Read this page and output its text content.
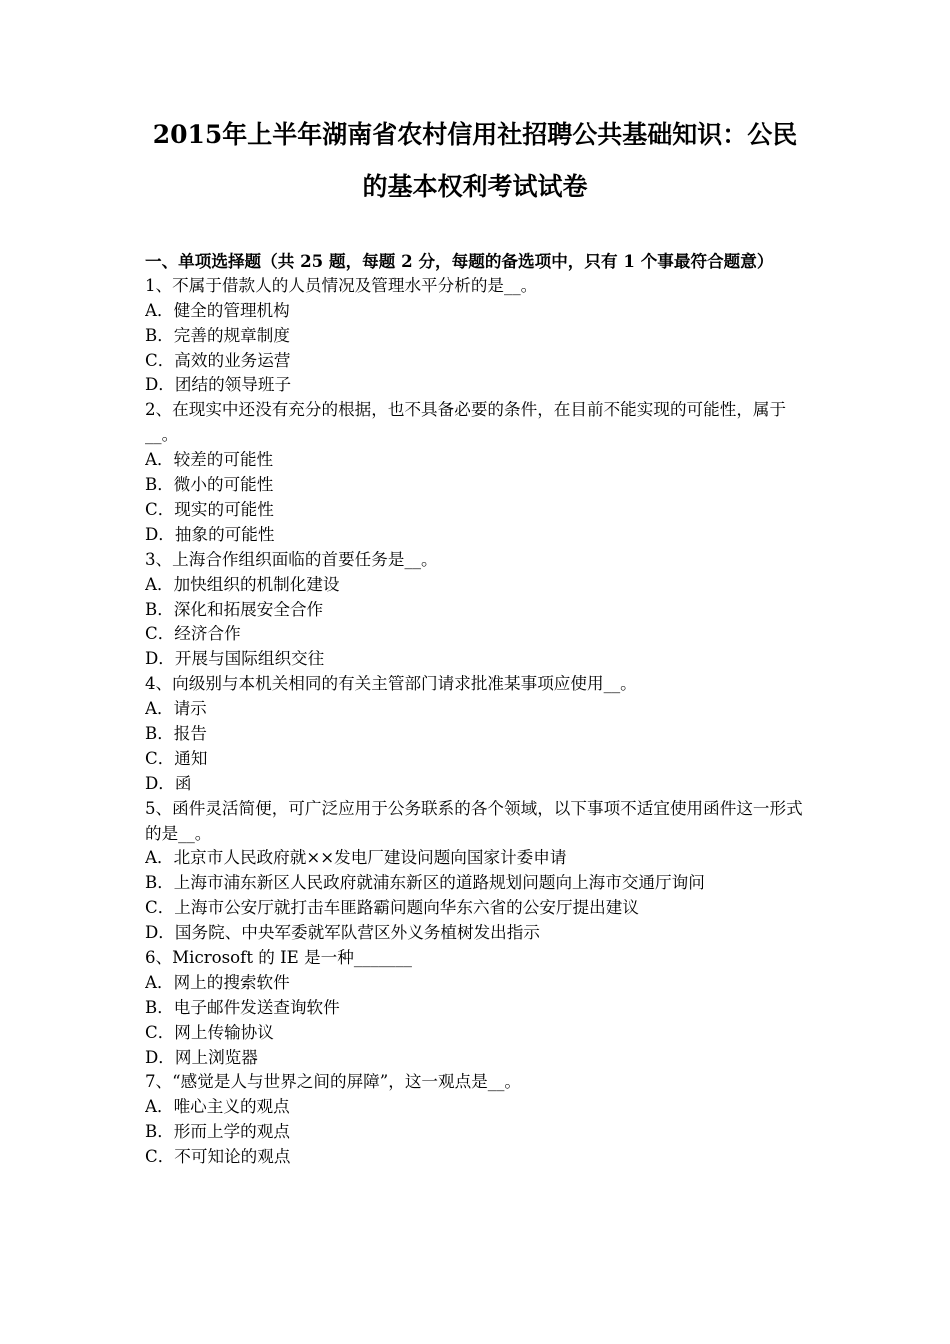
2015年上半年湖南省农村信用社招聘公共基础知识：公民
的基本权利考试试卷
一、单项选择题（共 25 题，每题 2 分，每题的备选项中，只有 1 个事最符合题意）
1、不属于借款人的人员情况及管理水平分析的是__。
A．健全的管理机构
B．完善的规章制度
C．高效的业务运营
D．团结的领导班子
2、在现实中还没有充分的根据，也不具备必要的条件，在目前不能实现的可能性，属于__。
A．较差的可能性
B．微小的可能性
C．现实的可能性
D．抽象的可能性
3、上海合作组织面临的首要任务是__。
A．加快组织的机制化建设
B．深化和拓展安全合作
C．经济合作
D．开展与国际组织交往
4、向级别与本机关相同的有关主管部门请求批准某事项应使用__。
A．请示
B．报告
C．通知
D．函
5、函件灵活简便，可广泛应用于公务联系的各个领域，以下事项不适宜使用函件这一形式的是__。
A．北京市人民政府就××发电厂建设问题向国家计委申请
B．上海市浦东新区人民政府就浦东新区的道路规划问题向上海市交通厅询问
C．上海市公安厅就打击车匪路霸问题向华东六省的公安厅提出建议
D．国务院、中央军委就军队营区外义务植树发出指示
6、Microsoft 的 IE 是一种_______
A．网上的搜索软件
B．电子邮件发送查询软件
C．网上传输协议
D．网上浏览器
7、“感觉是人与世界之间的屏障”，这一观点是__。
A．唯心主义的观点
B．形而上学的观点
C．不可知论的观点
